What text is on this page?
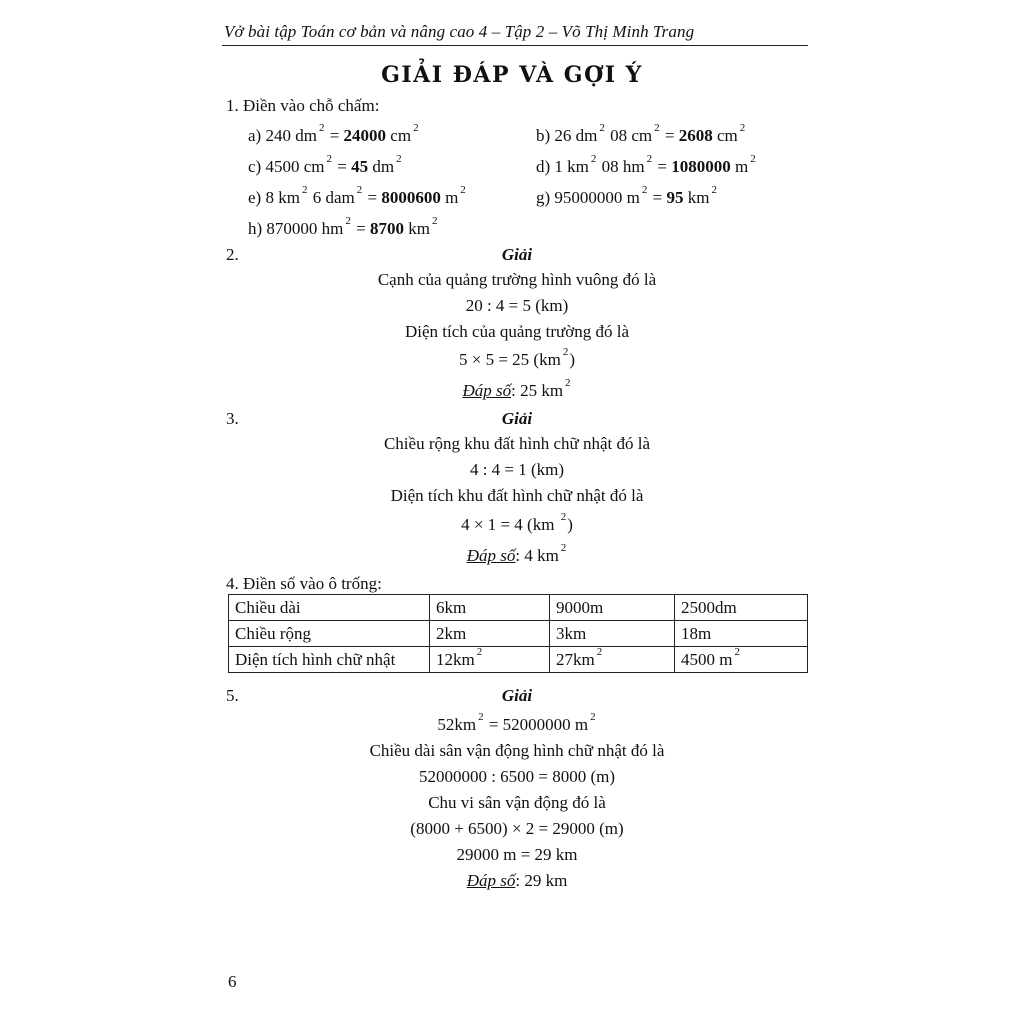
Vở bài tập Toán cơ bản và nâng cao 4 – Tập 2 – Võ Thị Minh Trang
GIẢI ĐÁP VÀ GỢI Ý
1. Điền vào chỗ chấm:
a) 240 dm $^2$ = 24000 cm $^2$	b) 26 dm $^2$ 08 cm $^2$ = 2608 cm $^2$
c) 4500 cm $^2$ = 45 dm $^2$	d) 1 km $^2$ 08 hm $^2$ = 1080000 m $^2$
e) 8 km $^2$ 6 dam $^2$ = 8000600 m $^2$	g) 95000000 m $^2$ = 95 km $^2$
h) 870000 hm $^2$ = 8700 km $^2$
2.	Giải
Cạnh của quảng trường hình vuông đó là
20 : 4 = 5 (km)
Diện tích của quảng trường đó là
5 × 5 = 25 (km $^2$)
Đáp số: 25 km $^2$
3.	Giải
Chiều rộng khu đất hình chữ nhật đó là
4 : 4 = 1 (km)
Diện tích khu đất hình chữ nhật đó là
4 × 1 = 4 (km $^2$)
Đáp số: 4 km $^2$
4. Điền số vào ô trống:
Chiều dài	6km	9000m	2500dm
Chiều rộng	2km	3km	18m
Diện tích hình chữ nhật	12km $^2$	27km $^2$	4500 m $^2$
5.	Giải
52km $^2$ = 52000000 m $^2$
Chiều dài sân vận động hình chữ nhật đó là
52000000 : 6500 = 8000 (m)
Chu vi sân vận động đó là
(8000 + 6500) × 2 = 29000 (m)
29000 m = 29 km
Đáp số: 29 km
6
